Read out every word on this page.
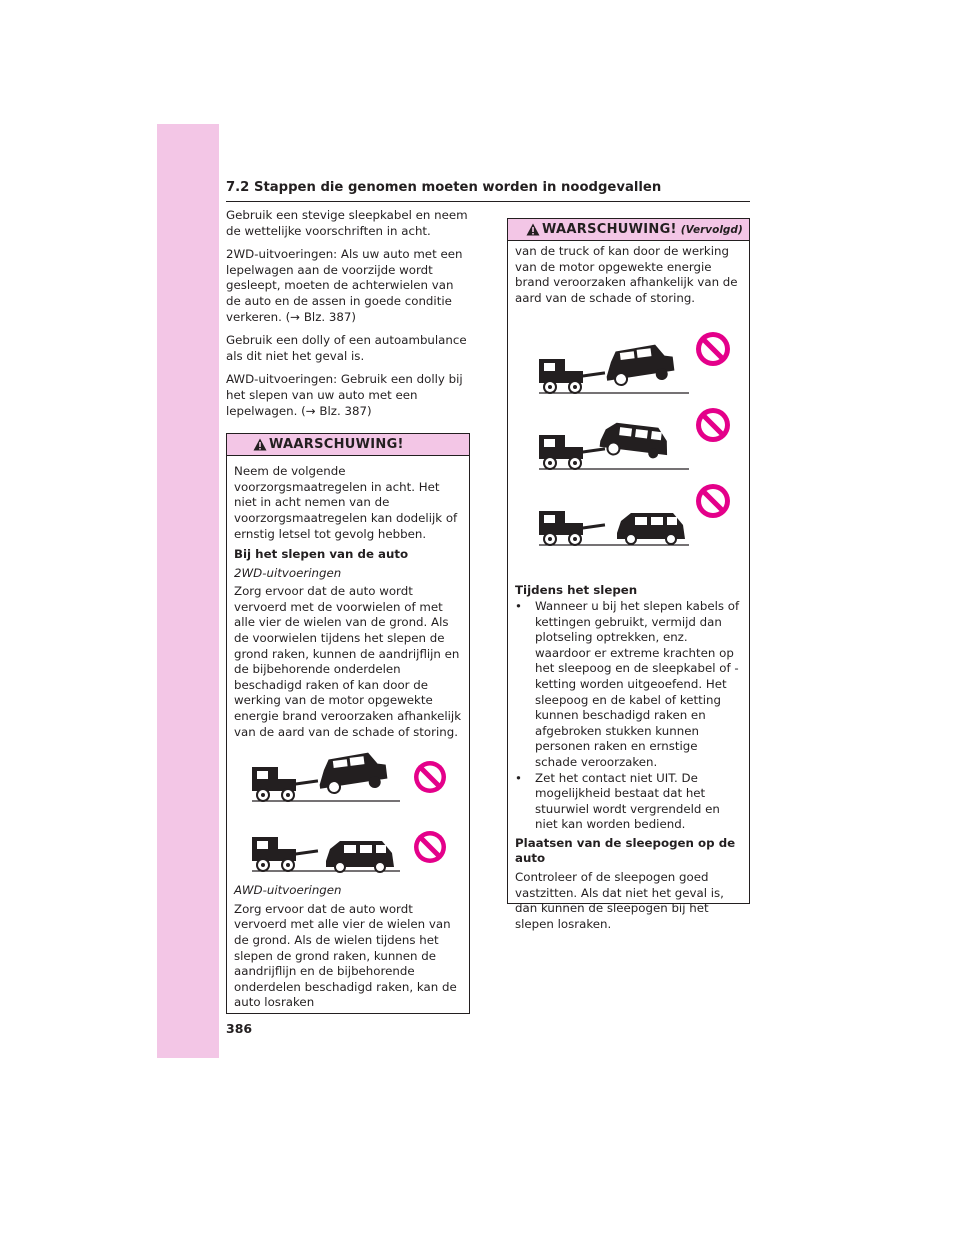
7.2 Stappen die genomen moeten worden in noodgevallen

Gebruik een stevige sleepkabel en neem de wettelijke voorschriften in acht.

2WD-uitvoeringen: Als uw auto met een lepelwagen aan de voorzijde wordt gesleept, moeten de achterwielen van de auto en de assen in goede conditie verkeren. (→ Blz. 387)

Gebruik een dolly of een autoambulance als dit niet het geval is.

AWD-uitvoeringen: Gebruik een dolly bij het slepen van uw auto met een lepelwagen. (→ Blz. 387)

WAARSCHUWING!
Neem de volgende voorzorgsmaatregelen in acht. Het niet in acht nemen van de voorzorgsmaatregelen kan dodelijk of ernstig letsel tot gevolg hebben.
Bij het slepen van de auto
2WD-uitvoeringen
Zorg ervoor dat de auto wordt vervoerd met de voorwielen of met alle vier de wielen van de grond. Als de voorwielen tijdens het slepen de grond raken, kunnen de aandrijflijn en de bijbehorende onderdelen beschadigd raken of kan door de werking van de motor opgewekte energie brand veroorzaken afhankelijk van de aard van de schade of storing.
AWD-uitvoeringen
Zorg ervoor dat de auto wordt vervoerd met alle vier de wielen van de grond. Als de wielen tijdens het slepen de grond raken, kunnen de aandrijflijn en de bijbehorende onderdelen beschadigd raken, kan de auto losraken
386
WAARSCHUWING! (Vervolgd)
van de truck of kan door de werking van de motor opgewekte energie brand veroorzaken afhankelijk van de aard van de schade of storing.
Tijdens het slepen
• Wanneer u bij het slepen kabels of kettingen gebruikt, vermijd dan plotseling optrekken, enz. waardoor er extreme krachten op het sleepoog en de sleepkabel of -ketting worden uitgeoefend. Het sleepoog en de kabel of ketting kunnen beschadigd raken en afgebroken stukken kunnen personen raken en ernstige schade veroorzaken.
• Zet het contact niet UIT. De mogelijkheid bestaat dat het stuurwiel wordt vergrendeld en niet kan worden bediend.
Plaatsen van de sleepogen op de auto
Controleer of de sleepogen goed vastzitten. Als dat niet het geval is, dan kunnen de sleepogen bij het slepen losraken.
